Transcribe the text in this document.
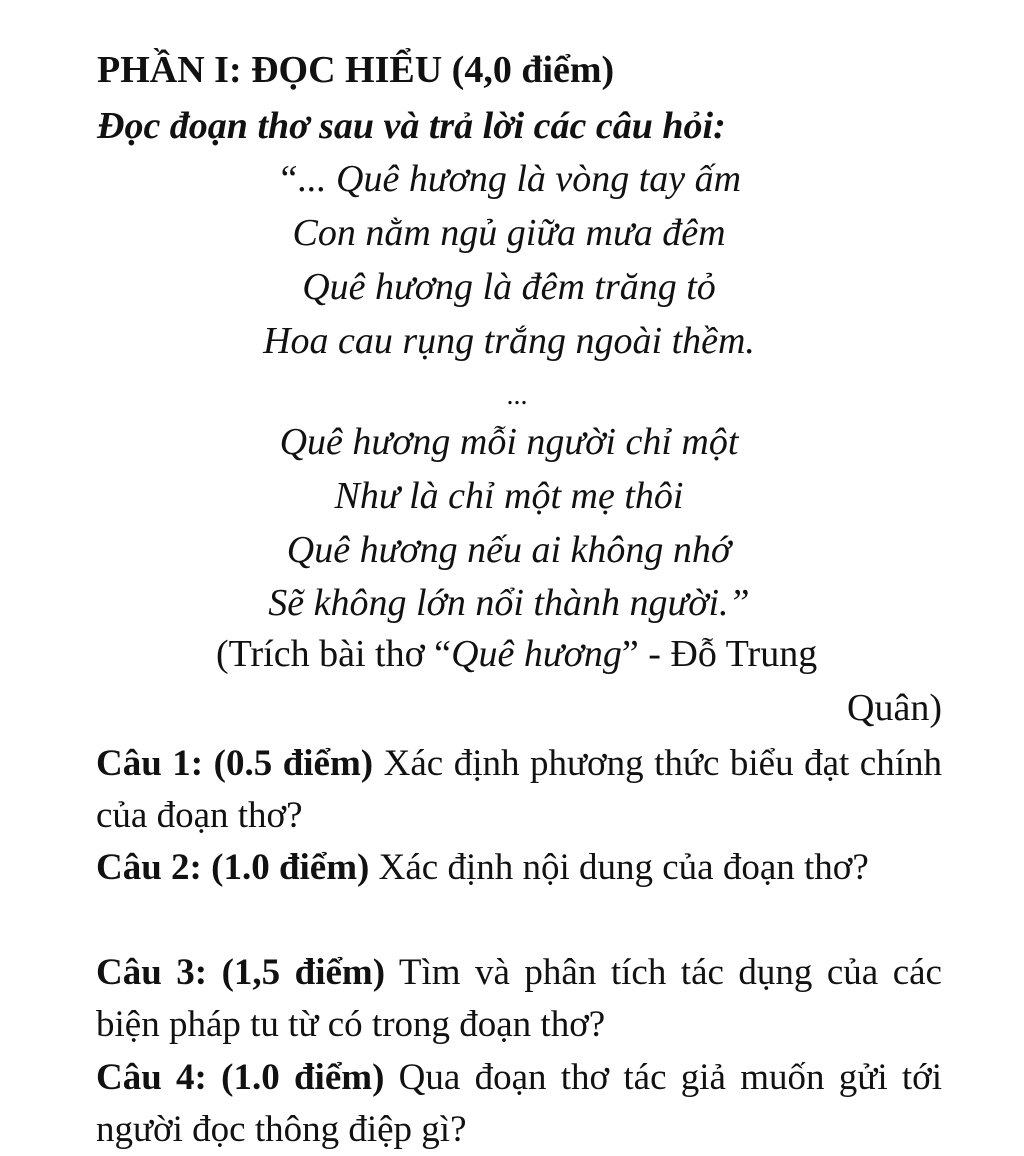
PHẦN I: ĐỌC HIỂU (4,0 điểm)

Đọc đoạn thơ sau và trả lời các câu hỏi:

“... Quê hương là vòng tay ấm

Con nằm ngủ giữa mưa đêm

Quê hương là đêm trăng tỏ

Hoa cau rụng trắng ngoài thềm.

...

Quê hương mỗi người chỉ một

Như là chỉ một mẹ thôi

Quê hương nếu ai không nhớ

Sẽ không lớn nổi thành người.”

(Trích bài thơ “Quê hương” - Đỗ Trung

Quân)

Câu 1: (0.5 điểm) Xác định phương thức biểu đạt chính của đoạn thơ?

Câu 2: (1.0 điểm) Xác định nội dung của đoạn thơ?

Câu 3: (1,5 điểm) Tìm và phân tích tác dụng của các biện pháp tu từ có trong đoạn thơ?

Câu 4: (1.0 điểm) Qua đoạn thơ tác giả muốn gửi tới người đọc thông điệp gì?
